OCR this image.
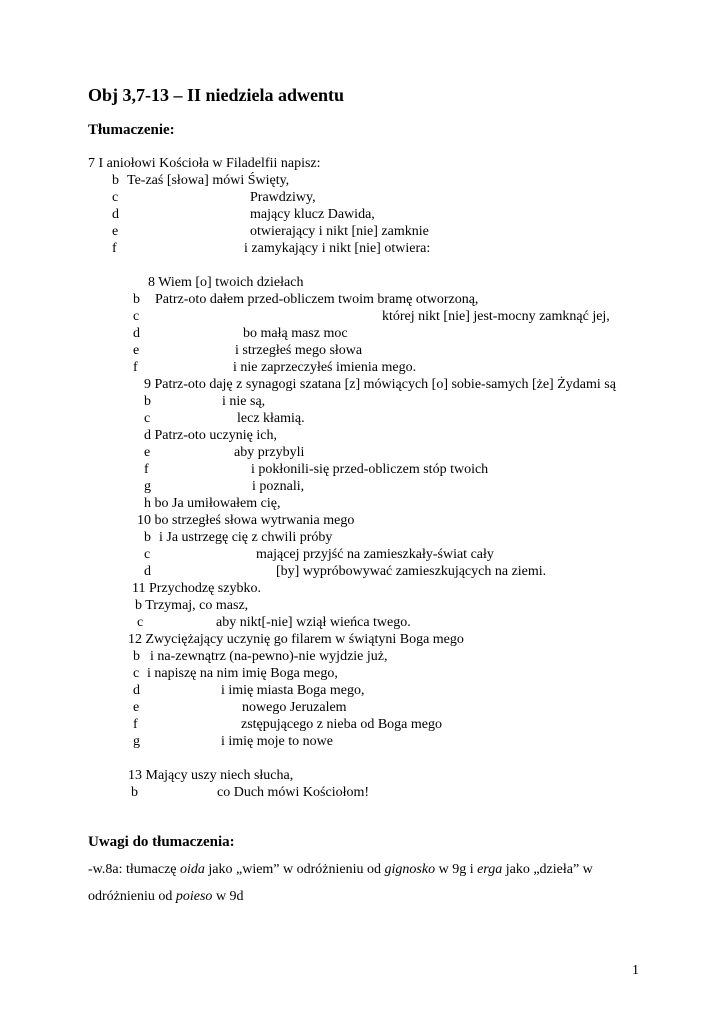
Obj 3,7-13 – II niedziela adwentu
Tłumaczenie:
7 I aniołowi Kościoła w Filadelfii napisz:
b Te-zaś [słowa] mówi Święty,
c	Prawdziwy,
d	mający klucz Dawida,
e	otwierający i nikt [nie] zamknie
f	i zamykający i nikt [nie] otwiera:
8 Wiem [o] twoich dziełach
b Patrz-oto dałem przed-obliczem twoim bramę otworzoną,
c	której nikt [nie] jest-mocny zamknąć jej,
d	bo małą masz moc
e	i strzegłeś mego słowa
f	i nie zaprzeczyłeś imienia mego.
9 Patrz-oto daję z synagogi szatana [z] mówiących [o] sobie-samych [że] Żydami są
b	i nie są,
c	lecz kłamią.
d Patrz-oto uczynię ich,
e	aby przybyli
f	i pokłonili-się przed-obliczem stóp twoich
g	i poznali,
h bo Ja umiłowałem cię,
10 bo strzegłeś słowa wytrwania mego
b i Ja ustrzegę cię z chwili próby
c	mającej przyjść na zamieszkały-świat cały
d	[by] wypróbowywać zamieszkujących na ziemi.
11 Przychodzę szybko.
b Trzymaj, co masz,
c	aby nikt[-nie] wziął wieńca twego.
12 Zwyciężający uczynię go filarem w świątyni Boga mego
b i na-zewnątrz (na-pewno)-nie wyjdzie już,
c i napiszę na nim imię Boga mego,
d	i imię miasta Boga mego,
e	nowego Jeruzalem
f	zstępującego z nieba od Boga mego
g	i imię moje to nowe
13 Mający uszy niech słucha,
b	co Duch mówi Kościołom!
Uwagi do tłumaczenia:
-w.8a: tłumaczę oida jako „wiem” w odróżnieniu od gignosko w 9g i erga jako „dzieła” w
odróżnieniu od poieso w 9d
1
